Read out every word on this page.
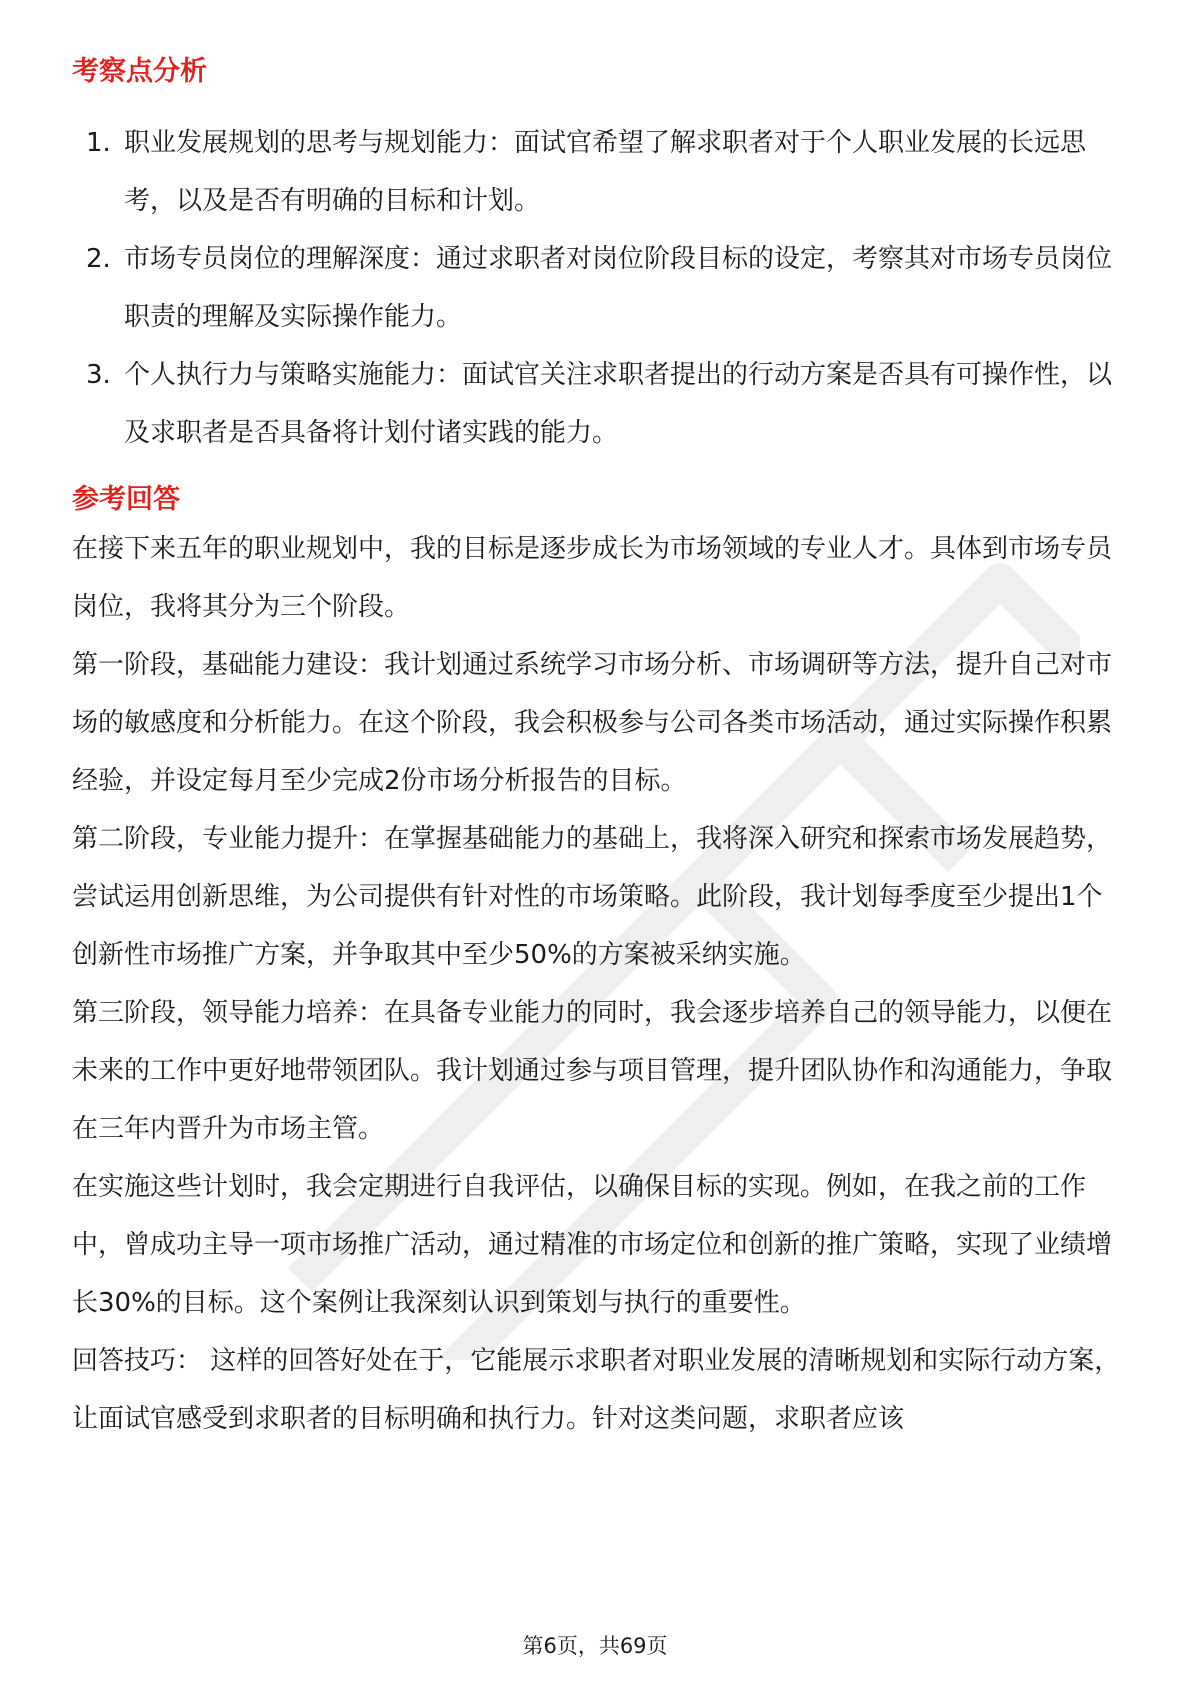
考察点分析
1. 职业发展规划的思考与规划能力：面试官希望了解求职者对于个人职业发展的长远思考，以及是否有明确的目标和计划。
2. 市场专员岗位的理解深度：通过求职者对岗位阶段目标的设定，考察其对市场专员岗位职责的理解及实际操作能力。
3. 个人执行力与策略实施能力：面试官关注求职者提出的行动方案是否具有可操作性，以及求职者是否具备将计划付诸实践的能力。
参考回答

在接下来五年的职业规划中，我的目标是逐步成长为市场领域的专业人才。具体到市场专员岗位，我将其分为三个阶段。

第一阶段，基础能力建设：我计划通过系统学习市场分析、市场调研等方法，提升自己对市场的敏感度和分析能力。在这个阶段，我会积极参与公司各类市场活动，通过实际操作积累经验，并设定每月至少完成2份市场分析报告的目标。

第二阶段，专业能力提升：在掌握基础能力的基础上，我将深入研究和探索市场发展趋势，尝试运用创新思维，为公司提供有针对性的市场策略。此阶段，我计划每季度至少提出1个创新性市场推广方案，并争取其中至少50%的方案被采纳实施。

第三阶段，领导能力培养：在具备专业能力的同时，我会逐步培养自己的领导能力，以便在未来的工作中更好地带领团队。我计划通过参与项目管理，提升团队协作和沟通能力，争取在三年内晋升为市场主管。

在实施这些计划时，我会定期进行自我评估，以确保目标的实现。例如，在我之前的工作中，曾成功主导一项市场推广活动，通过精准的市场定位和创新的推广策略，实现了业绩增长30%的目标。这个案例让我深刻认识到策划与执行的重要性。

回答技巧： 这样的回答好处在于，它能展示求职者对职业发展的清晰规划和实际行动方案，让面试官感受到求职者的目标明确和执行力。针对这类问题，求职者应该

第6页，共69页
